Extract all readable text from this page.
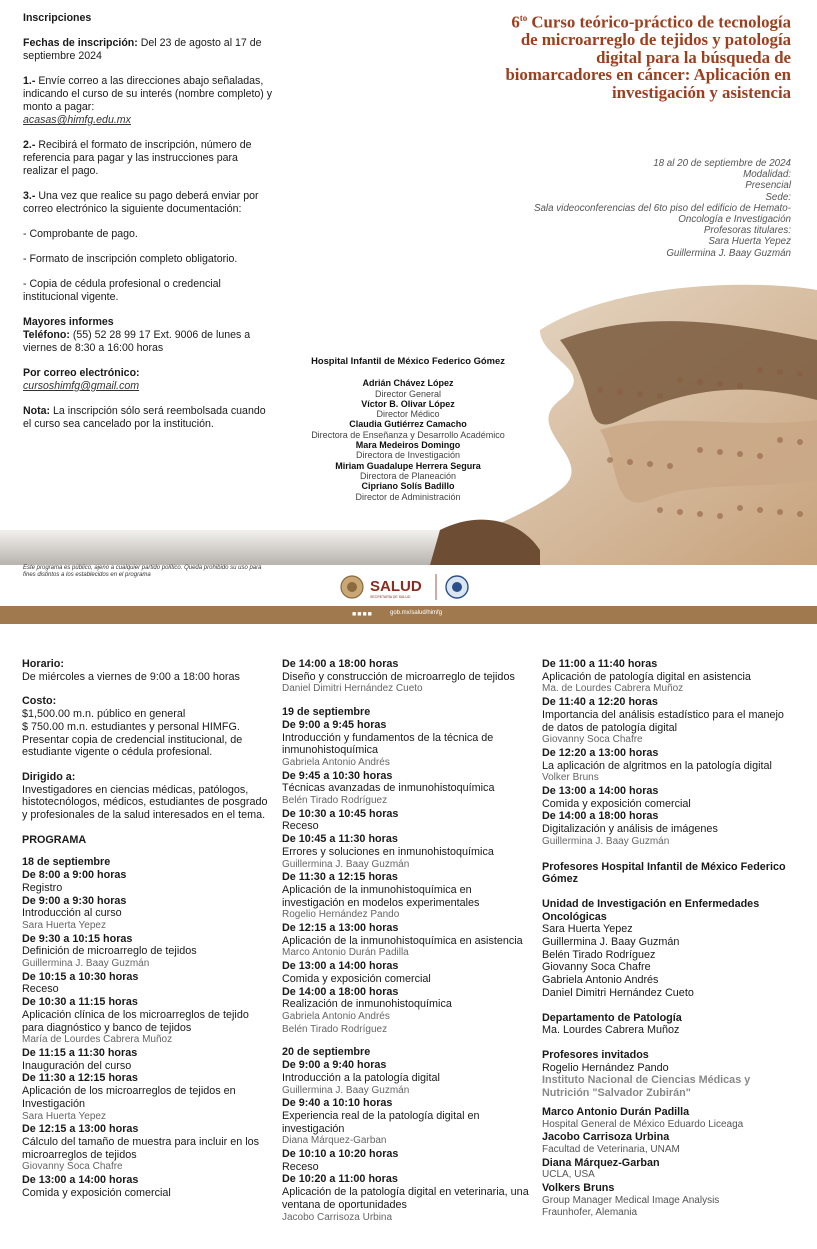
Inscripciones

Fechas de inscripción: Del 23 de agosto al 17 de septiembre 2024

1.- Envíe correo a las direcciones abajo señaladas, indicando el curso de su interés (nombre completo) y monto a pagar:
acasas@himfg.edu.mx

2.- Recibirá el formato de inscripción, número de referencia para pagar y las instrucciones para realizar el pago.

3.- Una vez que realice su pago deberá enviar por correo electrónico la siguiente documentación:

- Comprobante de pago.

- Formato de inscripción completo obligatorio.

- Copia de cédula profesional o credencial institucional vigente.

Mayores informes
Teléfono: (55) 52 28 99 17 Ext. 9006 de lunes a viernes de 8:30 a 16:00 horas

Por correo electrónico:
cursoshimfg@gmail.com

Nota: La inscripción sólo será reembolsada cuando el curso sea cancelado por la institución.

$6^{to}$ Curso teórico-práctico de tecnología de microarreglo de tejidos y patología digital para la búsqueda de biomarcadores en cáncer: Aplicación en investigación y asistencia
18 al 20 de septiembre de 2024
Modalidad:
Presencial
Sede:
Sala videoconferencias del 6to piso del edificio de Hemato-Oncología e Investigación
Profesoras titulares:
Sara Huerta Yepez
Guillermina J. Baay Guzmán
Hospital Infantil de México Federico Gómez
Adrián Chávez López
Director General
Víctor B. Olivar López
Director Médico
Claudia Gutiérrez Camacho
Directora de Enseñanza y Desarrollo Académico
Mara Medeiros Domingo
Directora de Investigación
Miriam Guadalupe Herrera Segura
Directora de Planeación
Cipriano Solís Badillo
Director de Administración
Este programa es público, ajeno a cualquier partido político. Queda prohibido su uso para fines distintos a los establecidos en el programa
SALUD
SECRETARÍA DE SALUD
■■■■	gob.mx/salud/himfg
Horario:
De miércoles a viernes de 9:00 a 18:00 horas
Costo:
$1,500.00 m.n. público en general
$ 750.00 m.n. estudiantes y personal HIMFG.
Presentar copia de credencial institucional, de estudiante vigente o cédula profesional.
Dirigido a:
Investigadores en ciencias médicas, patólogos, histotecnólogos, médicos, estudiantes de posgrado y profesionales de la salud interesados en el tema.
PROGRAMA
18 de septiembre
De 8:00 a 9:00 horas
Registro
De 9:00 a 9:30 horas
Introducción al curso
Sara Huerta Yepez
De 9:30 a 10:15 horas
Definición de microarreglo de tejidos
Guillermina J. Baay Guzmán
De 10:15 a 10:30 horas
Receso
De 10:30 a 11:15 horas
Aplicación clínica de los microarreglos de tejido para diagnóstico y banco de tejidos
María de Lourdes Cabrera Muñoz
De 11:15 a 11:30 horas
Inauguración del curso
De 11:30 a 12:15 horas
Aplicación de los microarreglos de tejidos en Investigación
Sara Huerta Yepez
De 12:15 a 13:00 horas
Cálculo del tamaño de muestra para incluir en los microarreglos de tejidos
Giovanny Soca Chafre
De 13:00 a 14:00 horas
Comida y exposición comercial
De 14:00 a 18:00 horas
Diseño y construcción de microarreglo de tejidos
Daniel Dimitri Hernández Cueto
19 de septiembre
De 9:00 a 9:45 horas
Introducción y fundamentos de la técnica de inmunohistoquímica
Gabriela Antonio Andrés
De 9:45 a 10:30 horas
Técnicas avanzadas de inmunohistoquímica
Belén Tirado Rodríguez
De 10:30 a 10:45 horas
Receso
De 10:45 a 11:30 horas
Errores y soluciones en inmunohistoquímica
Guillermina J. Baay Guzmán
De 11:30 a 12:15 horas
Aplicación de la inmunohistoquímica en investigación en modelos experimentales
Rogelio Hernández Pando
De 12:15 a 13:00 horas
Aplicación de la inmunohistoquímica en asistencia
Marco Antonio Durán Padilla
De 13:00 a 14:00 horas
Comida y exposición comercial
De 14:00 a 18:00 horas
Realización de inmunohistoquímica
Gabriela Antonio Andrés
Belén Tirado Rodríguez
20 de septiembre
De 9:00 a 9:40 horas
Introducción a la patología digital
Guillermina J. Baay Guzmán
De 9:40 a 10:10 horas
Experiencia real de la patología digital en investigación
Diana Márquez-Garban
De 10:10 a 10:20 horas
Receso
De 10:20 a 11:00 horas
Aplicación de la patología digital en veterinaria, una ventana de oportunidades
Jacobo Carrisoza Urbina
De 11:00 a 11:40 horas
Aplicación de patología digital en asistencia
Ma. de Lourdes Cabrera Muñoz
De 11:40 a 12:20 horas
Importancia del análisis estadístico para el manejo de datos de patología digital
Giovanny Soca Chafre
De 12:20 a 13:00 horas
La aplicación de algritmos en la patología digital
Volker Bruns
De 13:00 a 14:00 horas
Comida y exposición comercial
De 14:00 a 18:00 horas
Digitalización y análisis de imágenes
Guillermina J. Baay Guzmán
Profesores Hospital Infantil de México Federico Gómez
Unidad de Investigación en Enfermedades Oncológicas
Sara Huerta Yepez
Guillermina J. Baay Guzmán
Belén Tirado Rodríguez
Giovanny Soca Chafre
Gabriela Antonio Andrés
Daniel Dimitri Hernández Cueto
Departamento de Patología
Ma. Lourdes Cabrera Muñoz
Profesores invitados
Rogelio Hernández Pando
Instituto Nacional de Ciencias Médicas y Nutrición "Salvador Zubirán"
Marco Antonio Durán Padilla
Hospital General de México Eduardo Liceaga
Jacobo Carrisoza Urbina
Facultad de Veterinaria, UNAM
Diana Márquez-Garban
UCLA, USA
Volkers Bruns
Group Manager Medical Image Analysis
Fraunhofer, Alemania
